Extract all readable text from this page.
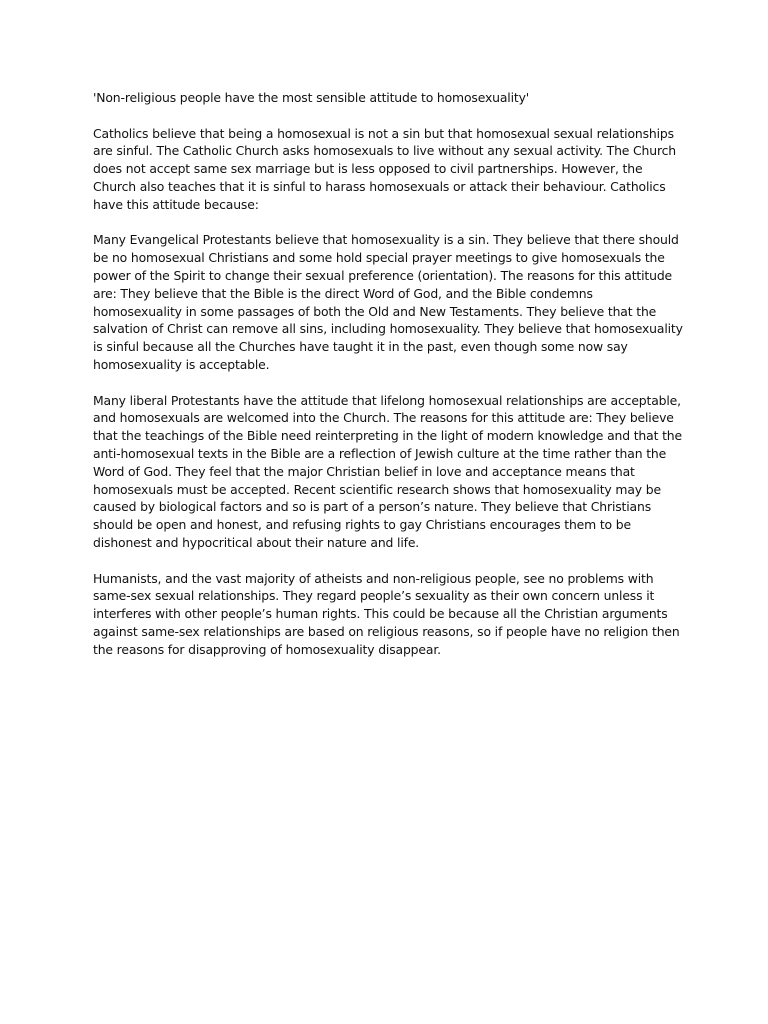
'Non-religious people have the most sensible attitude to homosexuality'

Catholics believe that being a homosexual is not a sin but that homosexual sexual relationships are sinful. The Catholic Church asks homosexuals to live without any sexual activity. The Church does not accept same sex marriage but is less opposed to civil partnerships. However, the Church also teaches that it is sinful to harass homosexuals or attack their behaviour. Catholics have this attitude because:

Many Evangelical Protestants believe that homosexuality is a sin. They believe that there should be no homosexual Christians and some hold special prayer meetings to give homosexuals the power of the Spirit to change their sexual preference (orientation). The reasons for this attitude are: They believe that the Bible is the direct Word of God, and the Bible condemns homosexuality in some passages of both the Old and New Testaments. They believe that the salvation of Christ can remove all sins, including homosexuality. They believe that homosexuality is sinful because all the Churches have taught it in the past, even though some now say homosexuality is acceptable.

Many liberal Protestants have the attitude that lifelong homosexual relationships are acceptable, and homosexuals are welcomed into the Church. The reasons for this attitude are: They believe that the teachings of the Bible need reinterpreting in the light of modern knowledge and that the anti-homosexual texts in the Bible are a reflection of Jewish culture at the time rather than the Word of God. They feel that the major Christian belief in love and acceptance means that homosexuals must be accepted. Recent scientific research shows that homosexuality may be caused by biological factors and so is part of a person’s nature. They believe that Christians should be open and honest, and refusing rights to gay Christians encourages them to be dishonest and hypocritical about their nature and life.

Humanists, and the vast majority of atheists and non-religious people, see no problems with same-sex sexual relationships. They regard people’s sexuality as their own concern unless it interferes with other people’s human rights. This could be because all the Christian arguments against same-sex relationships are based on religious reasons, so if people have no religion then the reasons for disapproving of homosexuality disappear.
